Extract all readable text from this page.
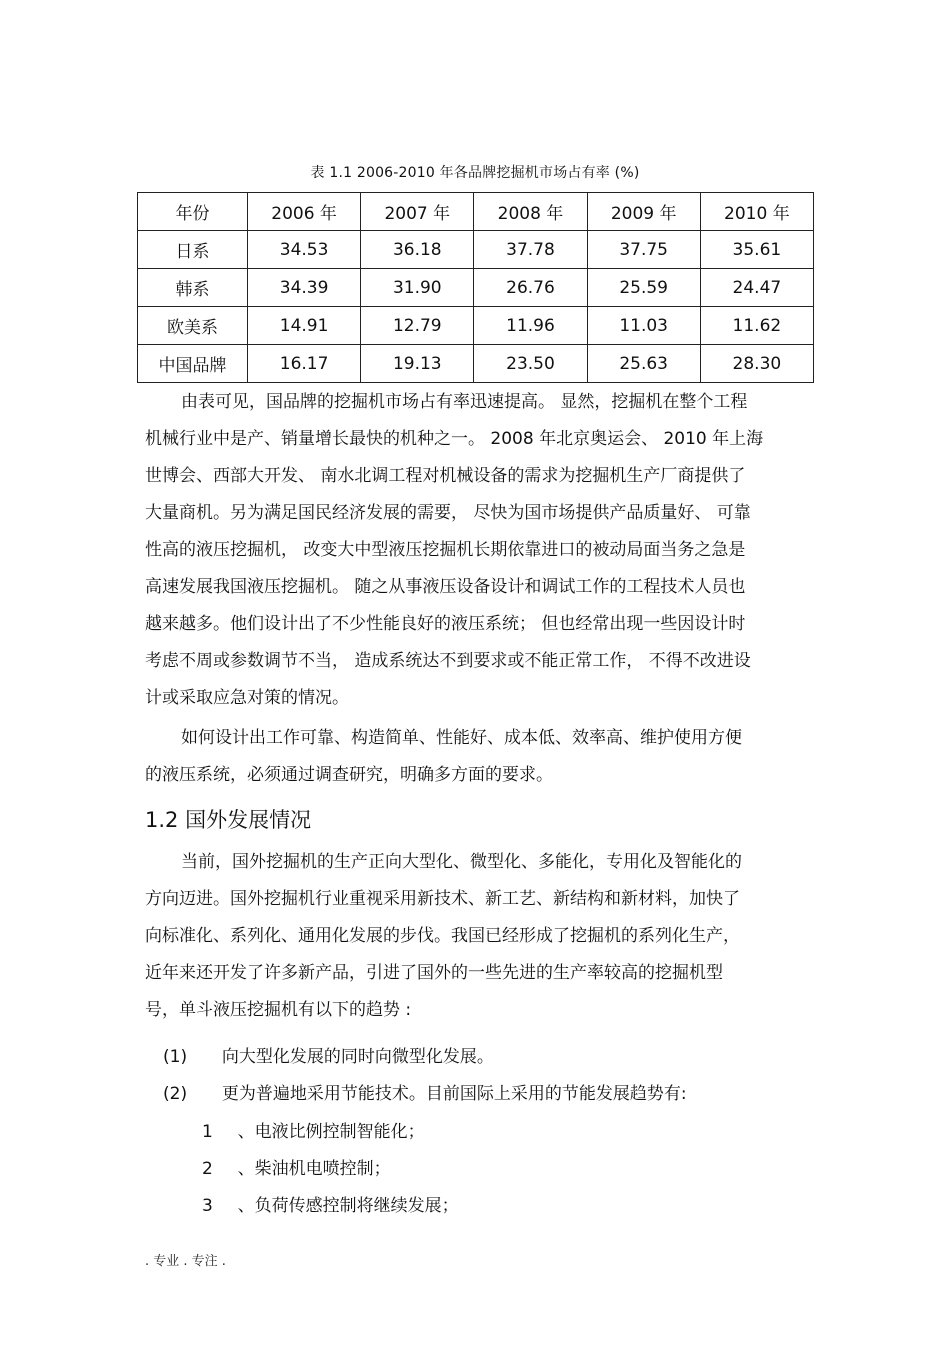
表 1.1 2006-2010 年各品牌挖掘机市场占有率 (%)
年份	2006 年	2007 年	2008 年	2009 年	2010 年
日系	34.53	36.18	37.78	37.75	35.61
韩系	34.39	31.90	26.76	25.59	24.47
欧美系	14.91	12.79	11.96	11.03	11.62
中国品牌	16.17	19.13	23.50	25.63	28.30
由表可见，国品牌的挖掘机市场占有率迅速提高。 显然，挖掘机在整个工程
机械行业中是产、销量增长最快的机种之一。 2008 年北京奥运会、 2010 年上海
世博会、西部大开发、 南水北调工程对机械设备的需求为挖掘机生产厂商提供了
大量商机。另为满足国民经济发展的需要， 尽快为国市场提供产品质量好、 可靠
性高的液压挖掘机， 改变大中型液压挖掘机长期依靠进口的被动局面当务之急是
高速发展我国液压挖掘机。 随之从事液压设备设计和调试工作的工程技术人员也
越来越多。他们设计出了不少性能良好的液压系统； 但也经常出现一些因设计时
考虑不周或参数调节不当， 造成系统达不到要求或不能正常工作， 不得不改进设
计或采取应急对策的情况。
如何设计出工作可靠、构造简单、性能好、成本低、效率高、维护使用方便
的液压系统，必须通过调查研究，明确多方面的要求。
1.2 国外发展情况
当前，国外挖掘机的生产正向大型化、微型化、多能化，专用化及智能化的
方向迈进。国外挖掘机行业重视采用新技术、新工艺、新结构和新材料，加快了
向标准化、系列化、通用化发展的步伐。我国已经形成了挖掘机的系列化生产，
近年来还开发了许多新产品，引进了国外的一些先进的生产率较高的挖掘机型
号，单斗液压挖掘机有以下的趋势 :
(1) 向大型化发展的同时向微型化发展。
(2) 更为普遍地采用节能技术。目前国际上采用的节能发展趋势有:
1 、电液比例控制智能化；
2 、柴油机电喷控制；
3 、负荷传感控制将继续发展；
. 专业 . 专注 .
